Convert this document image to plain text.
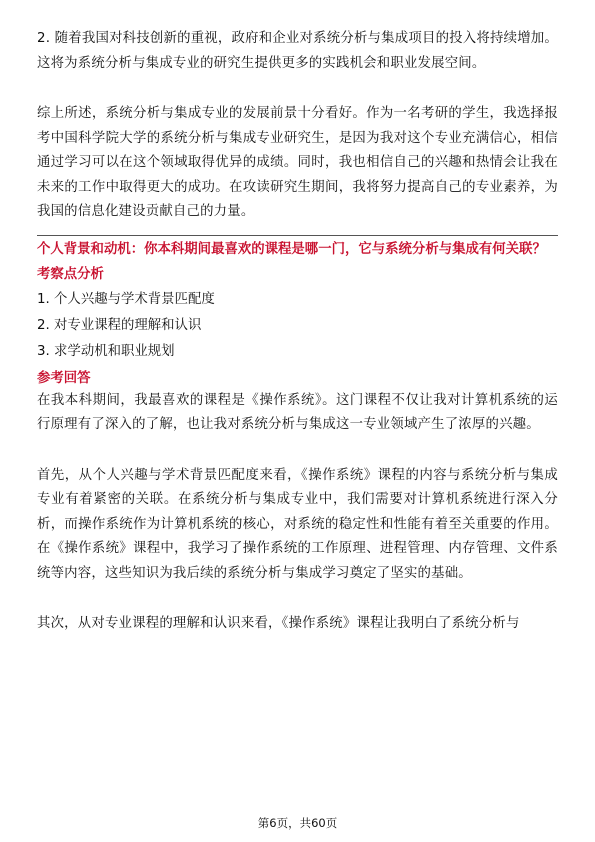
2. 随着我国对科技创新的重视，政府和企业对系统分析与集成项目的投入将持续增加。这将为系统分析与集成专业的研究生提供更多的实践机会和职业发展空间。

综上所述，系统分析与集成专业的发展前景十分看好。作为一名考研的学生，我选择报考中国科学院大学的系统分析与集成专业研究生，是因为我对这个专业充满信心，相信通过学习可以在这个领域取得优异的成绩。同时，我也相信自己的兴趣和热情会让我在未来的工作中取得更大的成功。在攻读研究生期间，我将努力提高自己的专业素养，为我国的信息化建设贡献自己的力量。

个人背景和动机：你本科期间最喜欢的课程是哪一门，它与系统分析与集成有何关联？
考察点分析
1. 个人兴趣与学术背景匹配度
2. 对专业课程的理解和认识
3. 求学动机和职业规划
参考回答

在我本科期间，我最喜欢的课程是《操作系统》。这门课程不仅让我对计算机系统的运行原理有了深入的了解，也让我对系统分析与集成这一专业领域产生了浓厚的兴趣。

首先，从个人兴趣与学术背景匹配度来看，《操作系统》课程的内容与系统分析与集成专业有着紧密的关联。在系统分析与集成专业中，我们需要对计算机系统进行深入分析，而操作系统作为计算机系统的核心，对系统的稳定性和性能有着至关重要的作用。在《操作系统》课程中，我学习了操作系统的工作原理、进程管理、内存管理、文件系统等内容，这些知识为我后续的系统分析与集成学习奠定了坚实的基础。

其次，从对专业课程的理解和认识来看，《操作系统》课程让我明白了系统分析与

第6页，共60页
